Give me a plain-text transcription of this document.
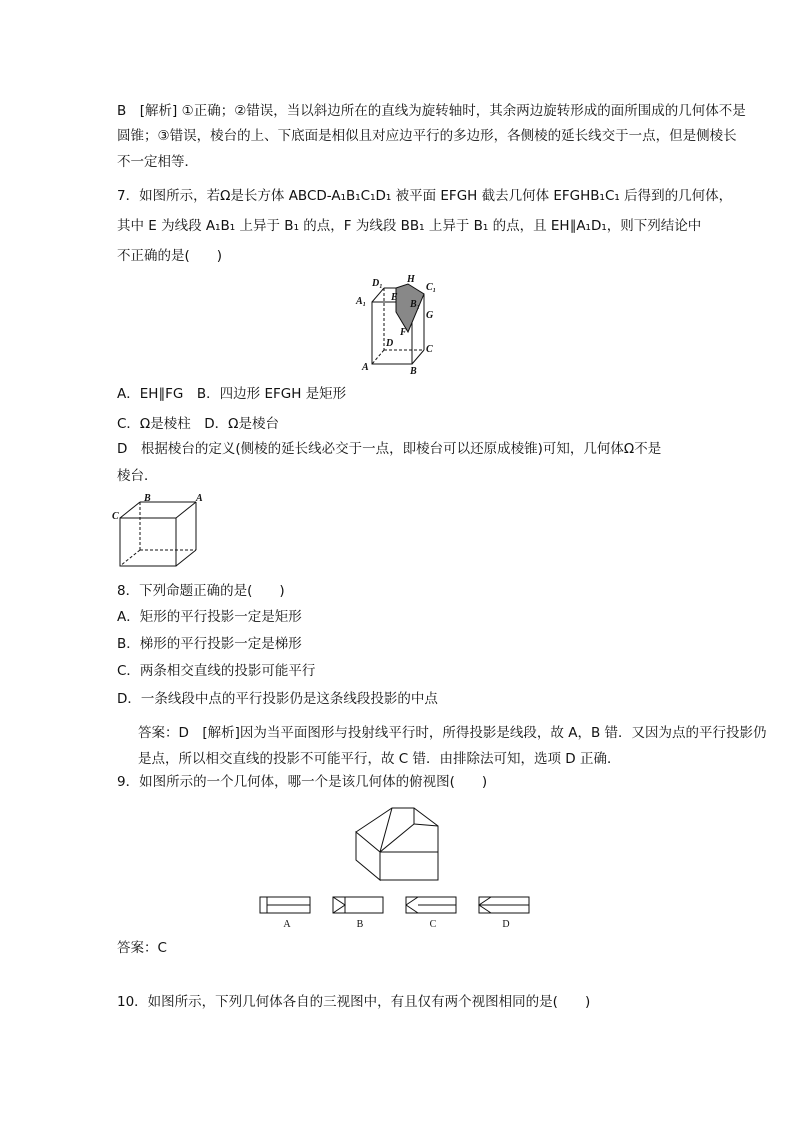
B　[解析] ①正确；②错误，当以斜边所在的直线为旋转轴时，其余两边旋转形成的面所围成的几何体不是
圆锥；③错误，棱台的上、下底面是相似且对应边平行的多边形，各侧棱的延长线交于一点，但是侧棱长
不一定相等．
7．如图所示，若Ω是长方体 ABCD-A₁B₁C₁D₁ 被平面 EFGH 截去几何体 EFGHB₁C₁ 后得到的几何体，
其中 E 为线段 A₁B₁ 上异于 B₁ 的点，F 为线段 BB₁ 上异于 B₁ 的点，且 EH∥A₁D₁，则下列结论中
不正确的是(　　)
D₁ H
C₁
A₁ E
B₁
G
F
D
C
A	B
A．EH∥FG　B．四边形 EFGH 是矩形
C．Ω是棱柱　D．Ω是棱台
D　根据棱台的定义(侧棱的延长线必交于一点，即棱台可以还原成棱锥)可知，几何体Ω不是
棱台．
B	A
C
8．下列命题正确的是(　　)
A．矩形的平行投影一定是矩形
B．梯形的平行投影一定是梯形
C．两条相交直线的投影可能平行
D．一条线段中点的平行投影仍是这条线段投影的中点
答案：D　[解析]因为当平面图形与投射线平行时，所得投影是线段，故 A，B 错．又因为点的平行投影仍
是点，所以相交直线的投影不可能平行，故 C 错．由排除法可知，选项 D 正确．
9．如图所示的一个几何体，哪一个是该几何体的俯视图(　　)
A	B	C	D
答案：C
10．如图所示，下列几何体各自的三视图中，有且仅有两个视图相同的是(　　)
